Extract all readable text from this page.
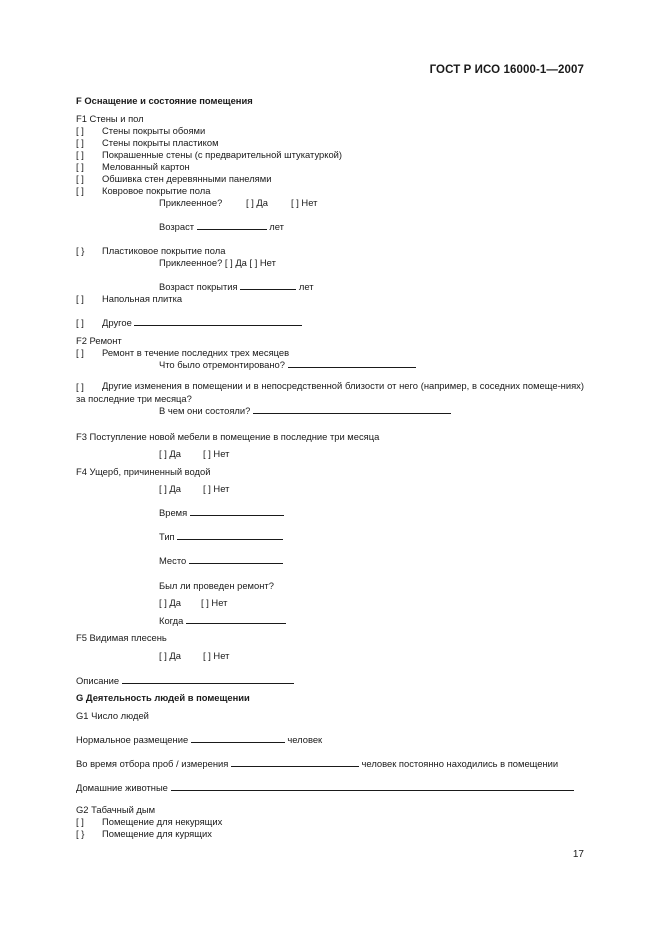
ГОСТ Р ИСО 16000-1—2007
F Оснащение и состояние помещения
F1 Стены и пол
[ ] Стены покрыты обоями
[ ] Стены покрыты пластиком
[ ] Покрашенные стены (с предварительной штукатуркой)
[ ] Мелованный картон
[ ] Обшивка стен деревянными панелями
[ ] Ковровое покрытие пола
Приклеенное?	[ ] Да [ ] Нет
Возраст	лет
[ } Пластиковое покрытие пола
Приклеенное? [ ] Да [ ] Нет
Возраст покрытия	лет
[ ] Напольная плитка
[ ] Другое
F2 Ремонт
[ ] Ремонт в течение последних трех месяцев
Что было отремонтировано?
[ ]	Другие изменения в помещении и в непосредственной близости от него (например, в соседних помеще-ниях) за последние три месяца?
В чем они состояли?
F3 Поступление новой мебели в помещение в последние три месяца
[ ] Да [ ] Нет
F4 Ущерб, причиненный водой
[ ] Да [ ] Нет
Время
Тип
Место
Был ли проведен ремонт?
[ ] Да [ ] Нет
Когда
F5 Видимая плесень
[ ] Да [ ] Нет
Описание
G Деятельность людей в помещении
G1 Число людей
Нормальное размещение	человек
Во время отбора проб / измерения	человек постоянно находились в помещении
Домашние животные
G2 Табачный дым
[ ] Помещение для некурящих
[ } Помещение для курящих
17
